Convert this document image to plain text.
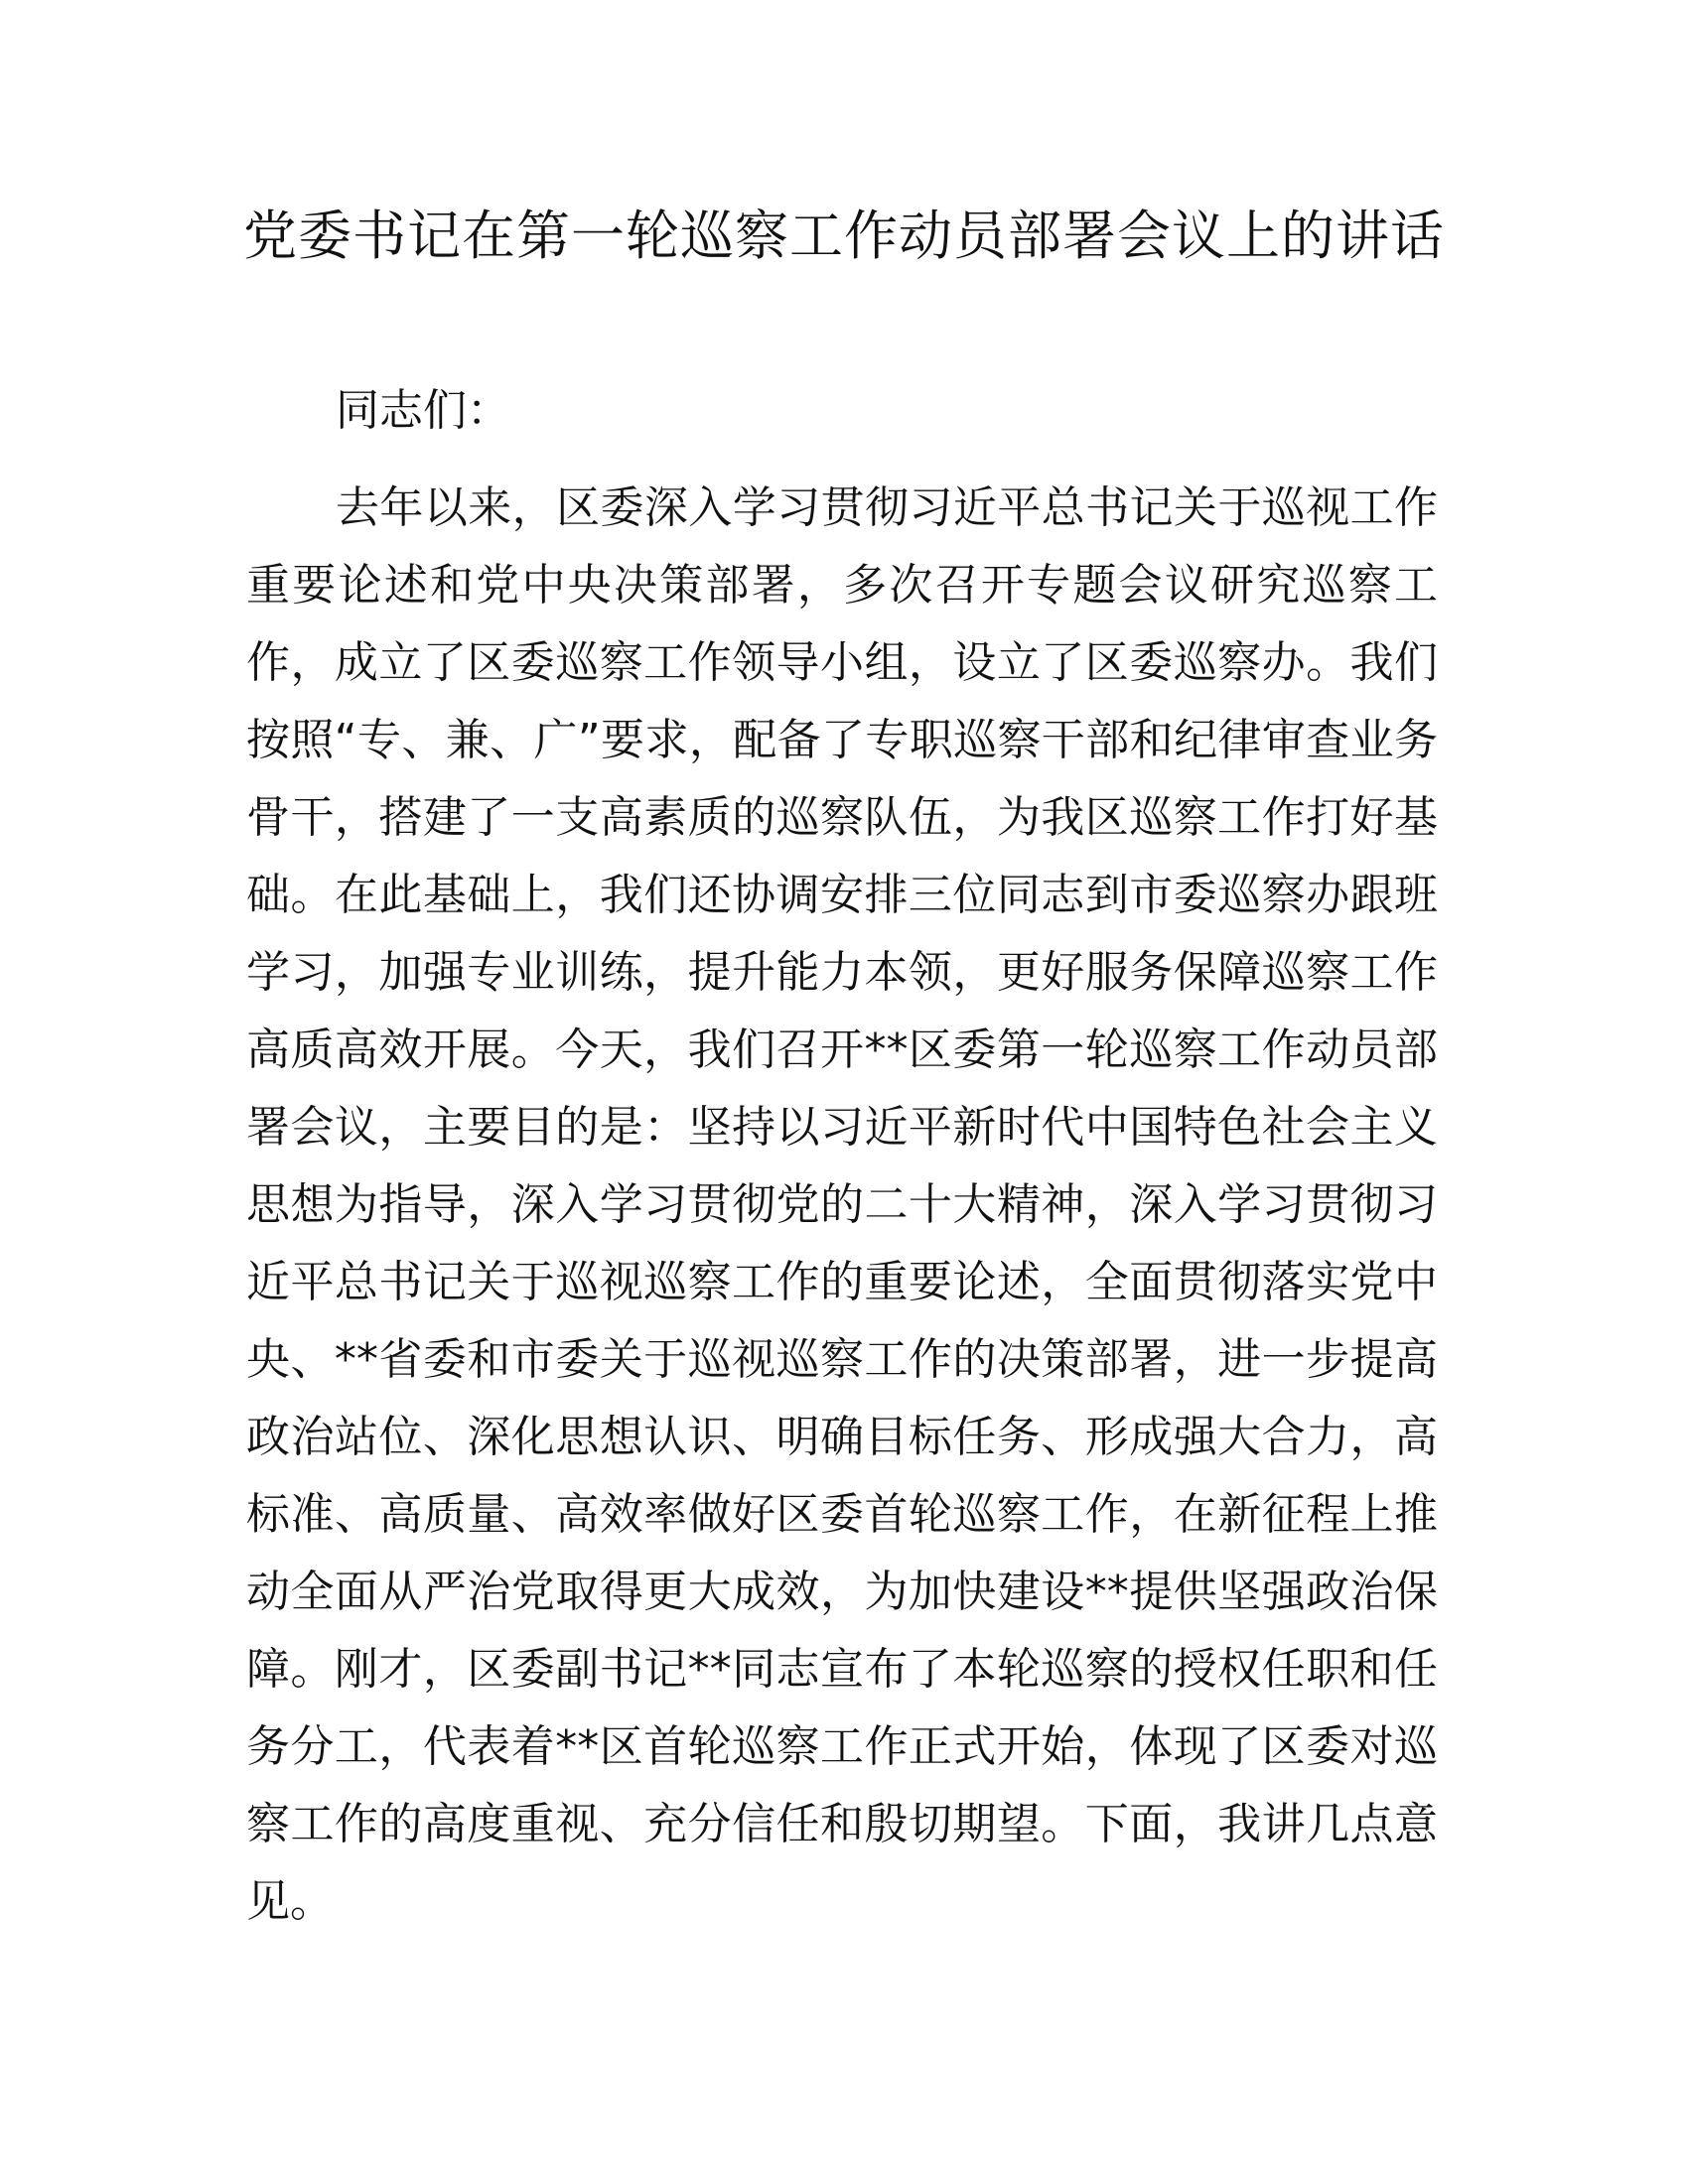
党委书记在第一轮巡察工作动员部署会议上的讲话
同志们：

去年以来，区委深入学习贯彻习近平总书记关于巡视工作重要论述和党中央决策部署，多次召开专题会议研究巡察工作，成立了区委巡察工作领导小组，设立了区委巡察办。我们按照“专、兼、广”要求，配备了专职巡察干部和纪律审查业务骨干，搭建了一支高素质的巡察队伍，为我区巡察工作打好基础。在此基础上，我们还协调安排三位同志到市委巡察办跟班学习，加强专业训练，提升能力本领，更好服务保障巡察工作高质高效开展。今天，我们召开**区委第一轮巡察工作动员部署会议，主要目的是：坚持以习近平新时代中国特色社会主义思想为指导，深入学习贯彻党的二十大精神，深入学习贯彻习近平总书记关于巡视巡察工作的重要论述，全面贯彻落实党中央、**省委和市委关于巡视巡察工作的决策部署，进一步提高政治站位、深化思想认识、明确目标任务、形成强大合力，高标准、高质量、高效率做好区委首轮巡察工作，在新征程上推动全面从严治党取得更大成效，为加快建设**提供坚强政治保障。刚才，区委副书记**同志宣布了本轮巡察的授权任职和任务分工，代表着**区首轮巡察工作正式开始，体现了区委对巡察工作的高度重视、充分信任和殷切期望。下面，我讲几点意见。
